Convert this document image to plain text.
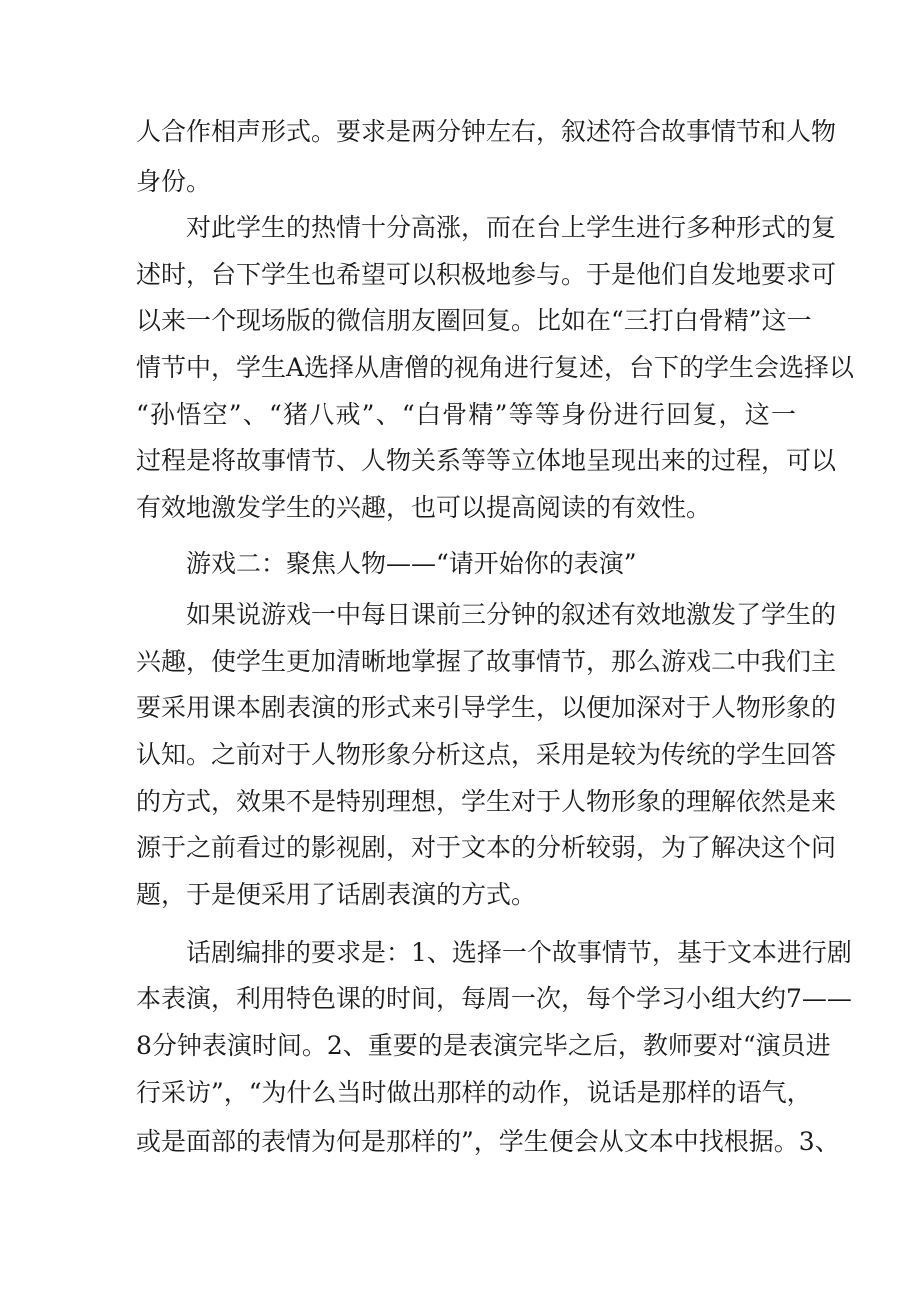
人合作相声形式。要求是两分钟左右，叙述符合故事情节和人物

身份。

对此学生的热情十分高涨，而在台上学生进行多种形式的复

述时，台下学生也希望可以积极地参与。于是他们自发地要求可

以来一个现场版的微信朋友圈回复。比如在“三打白骨精”这一

情节中，学生A选择从唐僧的视角进行复述，台下的学生会选择以

“孙悟空”、“猪八戒”、“白骨精”等等身份进行回复，这一

过程是将故事情节、人物关系等等立体地呈现出来的过程，可以

有效地激发学生的兴趣，也可以提高阅读的有效性。

游戏二：聚焦人物——“请开始你的表演”

如果说游戏一中每日课前三分钟的叙述有效地激发了学生的

兴趣，使学生更加清晰地掌握了故事情节，那么游戏二中我们主

要采用课本剧表演的形式来引导学生，以便加深对于人物形象的

认知。之前对于人物形象分析这点，采用是较为传统的学生回答

的方式，效果不是特别理想，学生对于人物形象的理解依然是来

源于之前看过的影视剧，对于文本的分析较弱，为了解决这个问

题，于是便采用了话剧表演的方式。

话剧编排的要求是：1、选择一个故事情节，基于文本进行剧

本表演，利用特色课的时间，每周一次，每个学习小组大约7——

8分钟表演时间。2、重要的是表演完毕之后，教师要对“演员进

行采访”，“为什么当时做出那样的动作，说话是那样的语气，

或是面部的表情为何是那样的”，学生便会从文本中找根据。3、
